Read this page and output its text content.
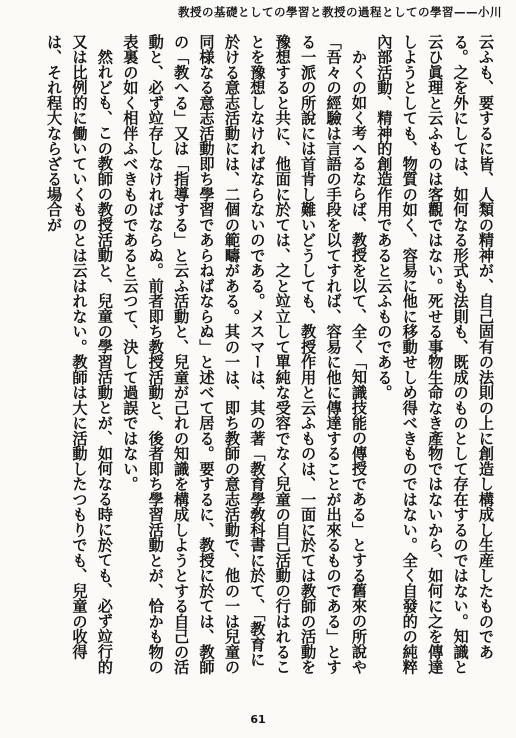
教授の基礎としての學習と教授の過程としての學習——小川

云ふも、要するに皆、人類の精神が、自己固有の法則の上に創造し構成し生産したものである。之を外にしては、如何なる形式も法則も、既成のものとして存在するのではない。知識と云ひ眞理と云ふものは客觀ではない。死せる事物生命なき產物ではないから、如何に之を傳達しようとしても、物質の如く、容易に他に移動せしめ得べきものではない。全く自發的の純粹內部活動、精神的創造作用であると云ふものである。

かくの如く考へるならば、教授を以て、全く「知識技能の傳授である」とする舊來の所說や「吾々の經驗は言語の手段を以てすれば、容易に他に傳達することが出來るものである」とする一派の所說には首肯し難いどうしても、教授作用と云ふものは、一面に於ては教師の活動を豫想すると共に、他面に於ては、之と竝立して單純な受容でなく兒童の自己活動の行はれることを豫想しなければならないのである。メスマーは、其の著「教育學敎科書に於て、「教育に於ける意志活動には、二個の範疇がある。其の一は、即ち教師の意志活動で、他の一は兒童の同様なる意志活動即ち學習であらねばならぬ」と述べて居る。要するに、教授に於ては、教師の「教へる」又は「指導する」と云ふ活動と、兒童が己れの知識を構成しようとする自己の活動と、必ず竝存しなければならぬ。前者即ち教授活動と、後者即ち學習活動とが、恰かも物の表裏の如く相伴ふべきものであると云つて、決して過誤ではない。

然れども、この教師の教授活動と、兒童の學習活動とが、如何なる時に於ても、必ず竝行的又は比例的に働いていくものとは云はれない。教師は大に活動したつもりでも、兒童の收得は、それ程大ならざる場合が

61
